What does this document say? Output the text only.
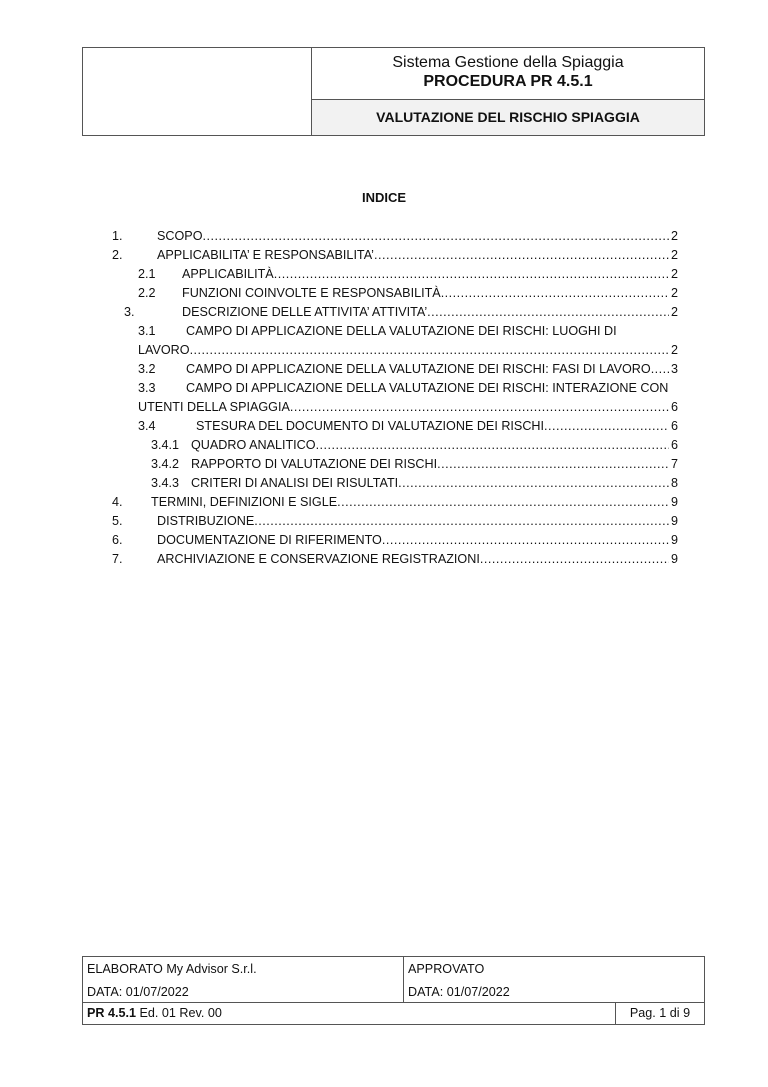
Sistema Gestione della Spiaggia
PROCEDURA PR 4.5.1
VALUTAZIONE DEL RISCHIO SPIAGGIA
INDICE
1.	SCOPO .....	2
2.	APPLICABILITA’ E RESPONSABILITA’ .....	2
2.1 APPLICABILITÀ .....	2
2.2 FUNZIONI COINVOLTE E RESPONSABILITÀ .....	2
3.	DESCRIZIONE DELLE ATTIVITA’ ATTIVITA’ .....	2
3.1 CAMPO DI APPLICAZIONE DELLA VALUTAZIONE DEI RISCHI: LUOGHI DI
LAVORO .....	2
3.2 CAMPO DI APPLICAZIONE DELLA VALUTAZIONE DEI RISCHI: FASI DI LAVORO ..... 3
3.3 CAMPO DI APPLICAZIONE DELLA VALUTAZIONE DEI RISCHI: INTERAZIONE CON
UTENTI DELLA SPIAGGIA .....	6
3.4	STESURA DEL DOCUMENTO DI VALUTAZIONE DEI RISCHI .....	6
3.4.1 QUADRO ANALITICO .....	6
3.4.2 RAPPORTO DI VALUTAZIONE DEI RISCHI .....	7
3.4.3 CRITERI DI ANALISI DEI RISULTATI .....	8
4. TERMINI, DEFINIZIONI E SIGLE .....	9
5.	DISTRIBUZIONE .....	9
6.	DOCUMENTAZIONE DI RIFERIMENTO .....	9
7.	ARCHIVIAZIONE E CONSERVAZIONE REGISTRAZIONI .....	9
ELABORATO My Advisor S.r.l.
DATA: 01/07/2022
APPROVATO
DATA: 01/07/2022
PR 4.5.1 Ed. 01 Rev. 00	Pag. 1 di 9
